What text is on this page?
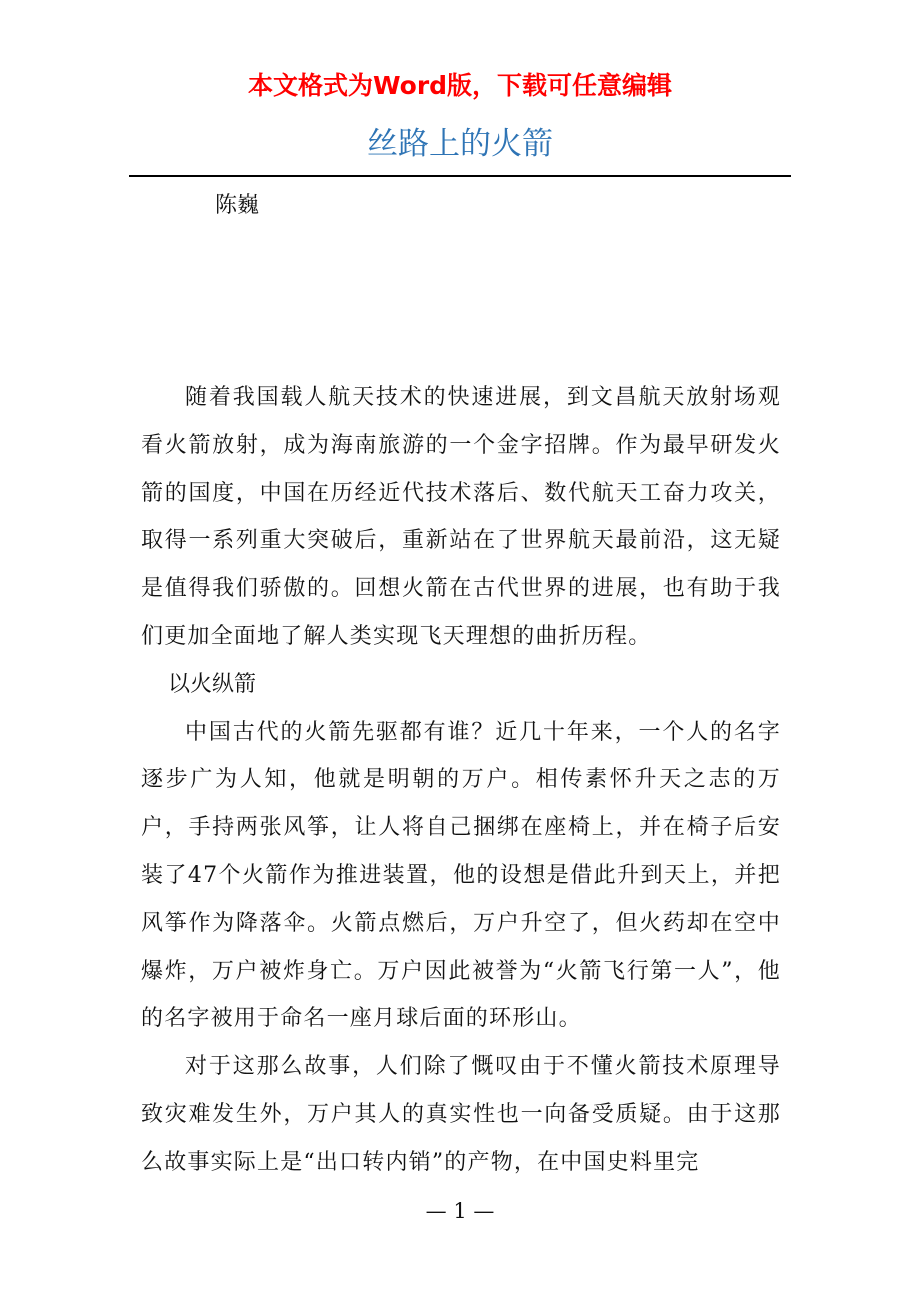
本文格式为Word版，下载可任意编辑
丝路上的火箭
陈巍

随着我国载人航天技术的快速进展，到文昌航天放射场观看火箭放射，成为海南旅游的一个金字招牌。作为最早研发火箭的国度，中国在历经近代技术落后、数代航天工奋力攻关，取得一系列重大突破后，重新站在了世界航天最前沿，这无疑是值得我们骄傲的。回想火箭在古代世界的进展，也有助于我们更加全面地了解人类实现飞天理想的曲折历程。

以火纵箭

中国古代的火箭先驱都有谁？近几十年来，一个人的名字逐步广为人知，他就是明朝的万户。相传素怀升天之志的万户，手持两张风筝，让人将自己捆绑在座椅上，并在椅子后安装了47个火箭作为推进装置，他的设想是借此升到天上，并把风筝作为降落伞。火箭点燃后，万户升空了，但火药却在空中爆炸，万户被炸身亡。万户因此被誉为“火箭飞行第一人”，他的名字被用于命名一座月球后面的环形山。

对于这那么故事，人们除了慨叹由于不懂火箭技术原理导致灾难发生外，万户其人的真实性也一向备受质疑。由于这那么故事实际上是“出口转内销”的产物，在中国史料里完

— 1 —
